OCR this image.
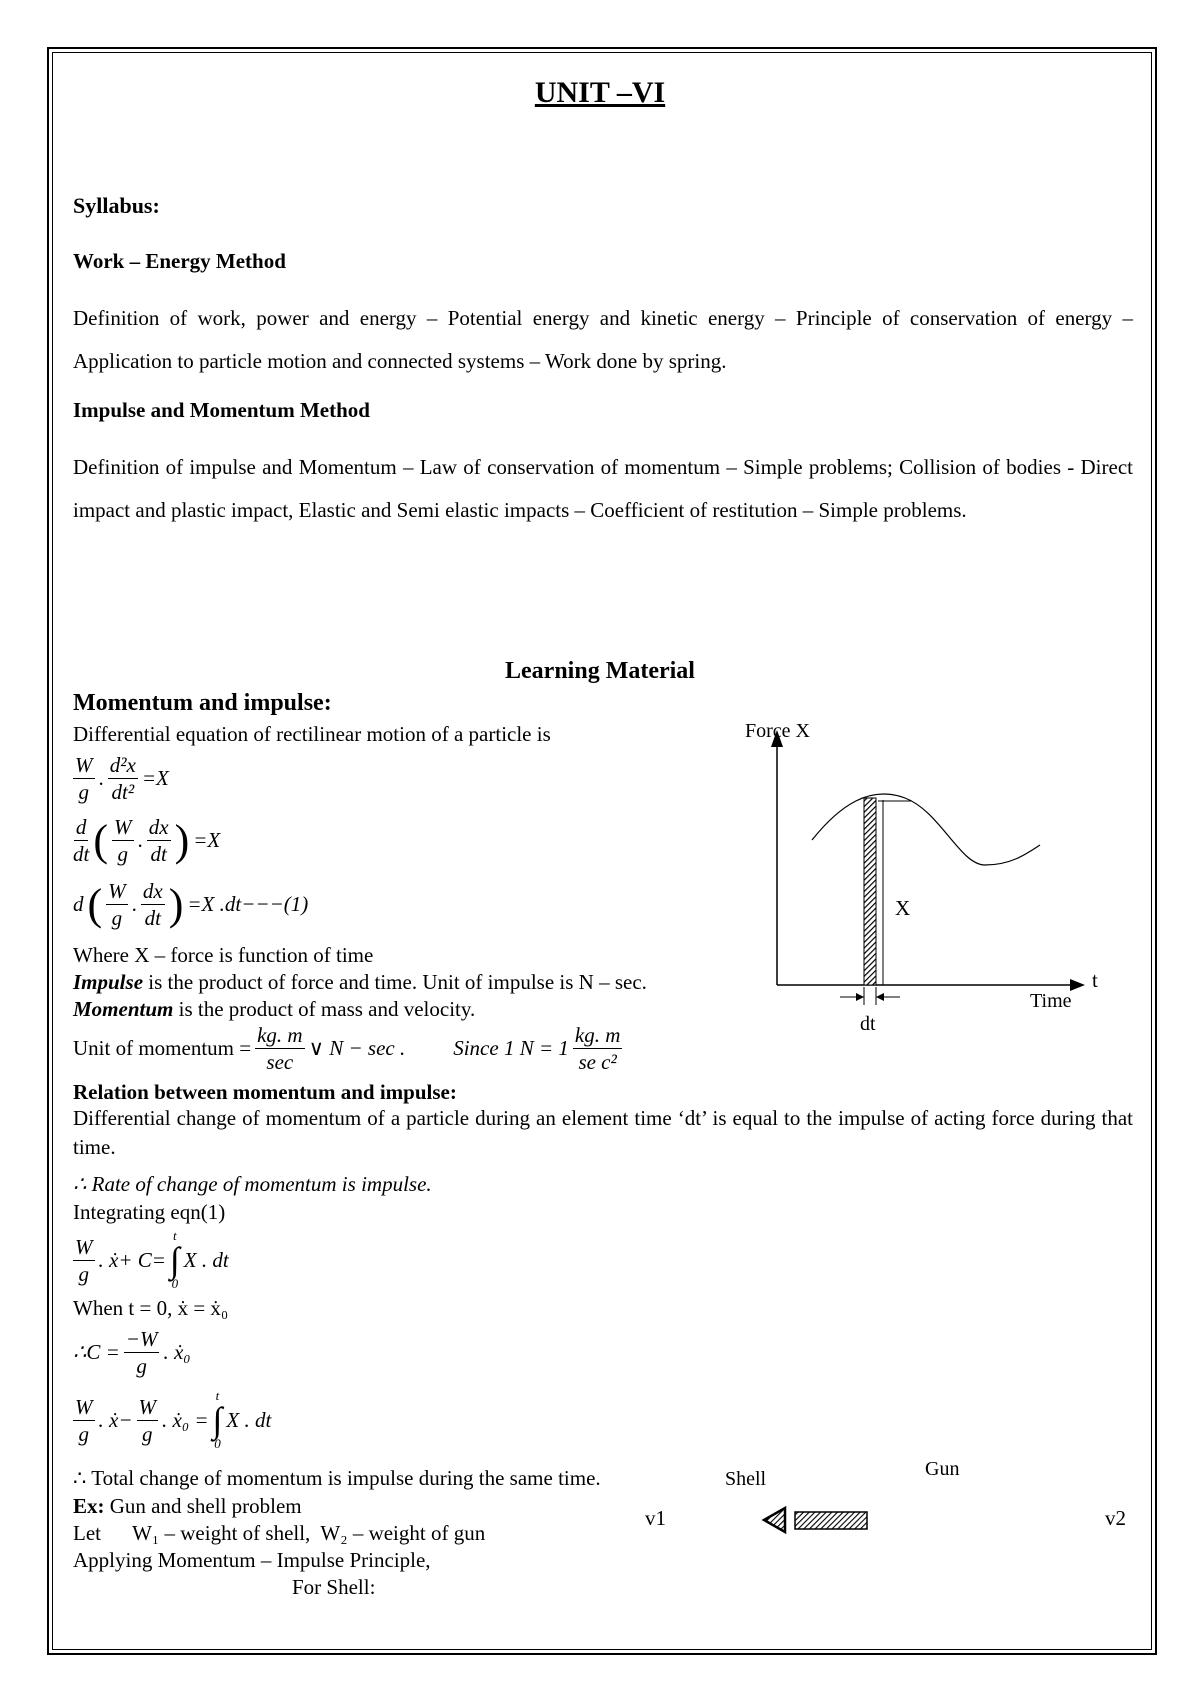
UNIT –VI
Syllabus:
Work – Energy Method
Definition of work, power and energy – Potential energy and kinetic energy – Principle of conservation of energy – Application to particle motion and connected systems – Work done by spring.
Impulse and Momentum Method
Definition of impulse and Momentum – Law of conservation of momentum – Simple problems; Collision of bodies - Direct impact and plastic impact, Elastic and Semi elastic impacts – Coefficient of restitution – Simple problems.
Learning Material
Momentum and impulse:
Differential equation of rectilinear motion of a particle is
$\frac{W}{g}$ . $\frac{\text{d²x}}{\text{dt²}} =X$
$\frac{d}{dt}$ ( $\frac{W}{g}$ . $\frac{dx}{dt}$ ) =X
d ( $\frac{W}{g}$ . $\frac{dx}{dt}$ ) =X .dt−−−(1)
Where X – force is function of time
Impulse is the product of force and time. Unit of impulse is N – sec.
Momentum is the product of mass and velocity.
Unit of momentum = $\frac{kg. m}{\sec}$ ∨ N − sec . Since 1 $N = 1 \frac{kg. m}{\text{se c²}}$
Relation between momentum and impulse:
Differential change of momentum of a particle during an element time ‘dt’ is equal to the impulse of acting force during that time.
∴ Rate of change of momentum is impulse.
Integrating eqn(1)
$\frac{W}{g}$ . ẋ+ C=
t
∫
0
X . dt
When t = 0, ẋ = ẋ₀
∴C = $\frac{-W}{g}$ . ẋ₀
$\frac{W}{g}$ . ẋ− $\frac{W}{g}$ . ẋ₀ =
t
∫
0
X . dt
∴ Total change of momentum is impulse during the same time.
Ex: Gun and shell problem
Let      W₁ – weight of shell,  W₂ – weight of gun
Applying Momentum – Impulse Principle,
For Shell:
Force X
X
t
Time
dt
Shell	Gun
v1	v2
